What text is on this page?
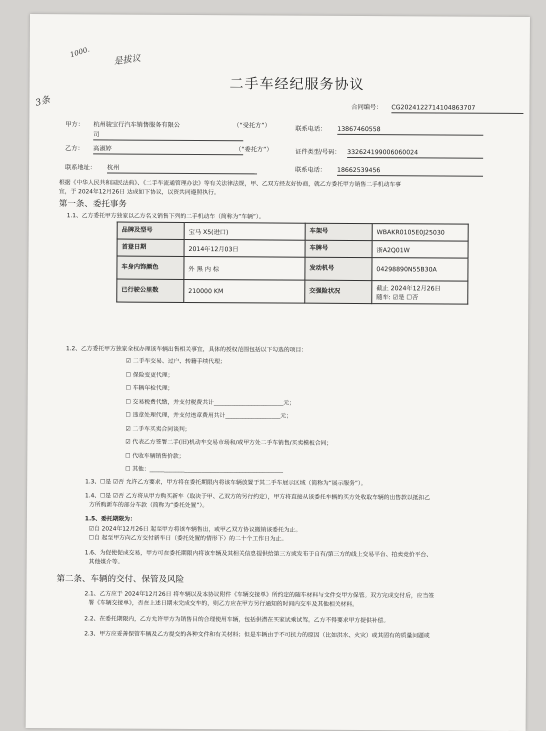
1000.
是拔议
3条
二手车经纪服务协议
合同编号： CG202412271410486370​7
甲方： 杭州骏宝行汽车销售服务有限公
司
（“受托方”）	联系电话： 13867460558
乙方： 高淑婷	（“委托方”）	证件类型/号码： 332624199006060024
联系地址： 杭州	联系电话： 18662539456
根据《中华人民共和国民法典》、《二手车流通管理办法》等有关法律法规，甲、乙双方经友好协商，就乙方委托甲方销售二手机动车事
宜，于 2024年12月26日 达成如下协议，以资共同遵照执行。
第一条、委托事务
1.1、乙方委托甲方独家以乙方名义销售下列的二手机动车（简称为“车辆”）。
品牌及型号	宝马 X5(进口)	车架号	WBAKR0105E0J25030
首登日期	2014年12月03日	车牌号	浙A2Q01W
车身内饰颜色	外 黑 内 棕	发动机号	04298890N55B30A
已行驶公里数	210000 KM	交强险状况	截止 2024年12月26日
随车: ☑是 ☐否
1.2、乙方委托甲方独家全权办理该车辆出售相关事宜，具体的授权范围包括以下勾选的项目：
☑ 二手车交易、过户、转籍手续代理；
☐ 保险变更代理；
☐ 车辆年检代理；
☐ 交易税费代缴，并支付税费共计________________________元；
☐ 违章处理代理，并支付违章费用共计___________________元；
☑ 二手车买卖合同谈判；
☑ 代表乙方签署二手(旧)机动车交易市场和/或甲方处二手车销售/买卖模板合同；
☐ 代收车辆销售价款；
☐ 其他：______________________________________________
1.3、☐是 ☑否 允许乙方要求，甲方将在委托期限内将该车辆放置于其二手车展示区域（简称为“展示服务”）。
1.4、☐是 ☑否 乙方将从甲方购买新车（取决于甲、乙双方的另行约定），甲方将直接从该委托车辆的买方处收取车辆的出售款以抵扣乙
方所购新车的部分车款（简称为“委托处置”）。
1.5、委托期限为：
☑自 2024年12月26日 起至甲方将该车辆售出，或甲乙双方协议撤销该委托为止。
☐自 起至甲方向乙方交付新车日（委托处置的情形下）的二十个工作日为止。
1.6、为促使促成交易，甲方可在委托期限内将该车辆及其相关信息提供给第三方或发布于自有/第三方的线上交易平台、拍卖竞价平台、
其他媒介等。
第二条、车辆的交付、保管及风险
2.1、乙方应于 2024年12月26日 将车辆以及本协议附件《车辆交接单》所约定的随车材料与文件交甲方保管。双方完成交付后，应当签
署《车辆交接单》，否在上述日期未完成交车的，则乙方应在甲方另行通知的时间内交车及其他相关材料。
2.2、在委托期限内，乙方允许甲方为销售目的合理使用车辆，包括供潜在买家试乘试驾。乙方不得要求甲方提供补偿。
2.3、甲方应妥善保管车辆及乙方提交的各种文件和有关材料；但是车辆由于不可抗力的原因（比如洪水、火灾）或其固有的质量问题或
